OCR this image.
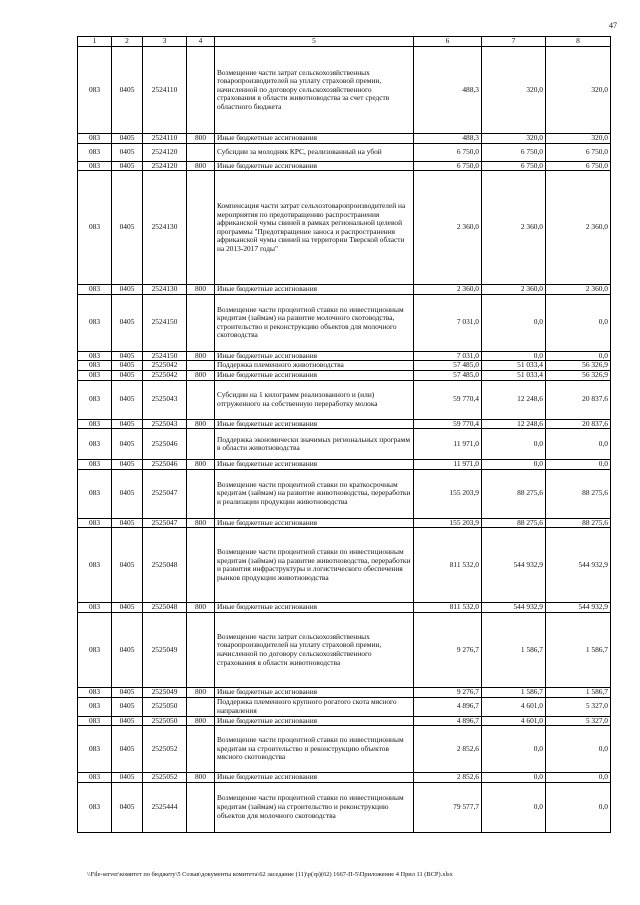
47
1	2	3	4	5	6	7	8
083	0405	2524110		Возмещение части затрат сельскохозяйственных товаропроизводителей на уплату страховой премии, начисленной по договору сельскохозяйственного страхования в области животноводства за счет средств областного бюджета	488,3	320,0	320,0
083	0405	2524110	800	Иные бюджетные ассигнования	488,3	320,0	320,0
083	0405	2524120		Субсидии за молодняк КРС, реализованный на убой	6 750,0	6 750,0	6 750,0
083	0405	2524120	800	Иные бюджетные ассигнования	6 750,0	6 750,0	6 750,0
083	0405	2524130		Компенсация части затрат сельхозтоваропроизводителей на мероприятия по предотвращению распространения африканской чумы свиней в рамках региональной целевой программы "Предотвращение заноса и распространения африканской чумы свиней на территории Тверской области на 2013-2017 годы"	2 360,0	2 360,0	2 360,0
083	0405	2524130	800	Иные бюджетные ассигнования	2 360,0	2 360,0	2 360,0
083	0405	2524150		Возмещение части процентной ставки по инвестиционным кредитам (займам) на развитие молочного скотоводства, строительство и реконструкцию объектов для молочного скотоводства	7 031,0	0,0	0,0
083	0405	2524150	800	Иные бюджетные ассигнования	7 031,0	0,0	0,0
083	0405	2525042		Поддержка племенного животноводства	57 485,0	51 033,4	56 326,9
083	0405	2525042	800	Иные бюджетные ассигнования	57 485,0	51 033,4	56 326,9
083	0405	2525043		Субсидии на 1 килограмм реализованного и (или) отгруженного на собственную переработку молока	59 770,4	12 248,6	20 837,6
083	0405	2525043	800	Иные бюджетные ассигнования	59 770,4	12 248,6	20 837,6
083	0405	2525046		Поддержка экономически значимых региональных программ в области животноводства	11 971,0	0,0	0,0
083	0405	2525046	800	Иные бюджетные ассигнования	11 971,0	0,0	0,0
083	0405	2525047		Возмещение части процентной ставки по краткосрочным кредитам (займам) на развитие животноводства, переработки и реализации продукции животноводства	155 203,9	88 275,6	88 275,6
083	0405	2525047	800	Иные бюджетные ассигнования	155 203,9	88 275,6	88 275,6
083	0405	2525048		Возмещение части процентной ставки по инвестиционным кредитам (займам) на развитие животноводства, переработки и развития инфраструктуры и логистического обеспечения рынков продукции животноводства	811 532,0	544 932,9	544 932,9
083	0405	2525048	800	Иные бюджетные ассигнования	811 532,0	544 932,9	544 932,9
083	0405	2525049		Возмещение части затрат сельскохозяйственных товаропроизводителей на уплату страховой премии, начисленной по договору сельскохозяйственного страхования в области животноводства	9 276,7	1 586,7	1 586,7
083	0405	2525049	800	Иные бюджетные ассигнования	9 276,7	1 586,7	1 586,7
083	0405	2525050		Поддержка племенного крупного рогатого скота мясного направления	4 896,7	4 601,0	5 327,0
083	0405	2525050	800	Иные бюджетные ассигнования	4 896,7	4 601,0	5 327,0
083	0405	2525052		Возмещение части процентной ставки по инвестиционным кредитам на строительство и реконструкцию объектов мясного скотоводства	2 852,6	0,0	0,0
083	0405	2525052	800	Иные бюджетные ассигнования	2 852,6	0,0	0,0
083	0405	2525444		Возмещение части процентной ставки по инвестиционным кредитам (займам) на строительство и реконструкцию объектов для молочного скотоводства	79 577,7	0,0	0,0
\\File-server\комитет по бюджету\5 Созыв\документы комитета\62 заседание (11)\р(зр)(62) 1667-П-5\Приложение 4 Прил 11 (ВСР).xlsx
